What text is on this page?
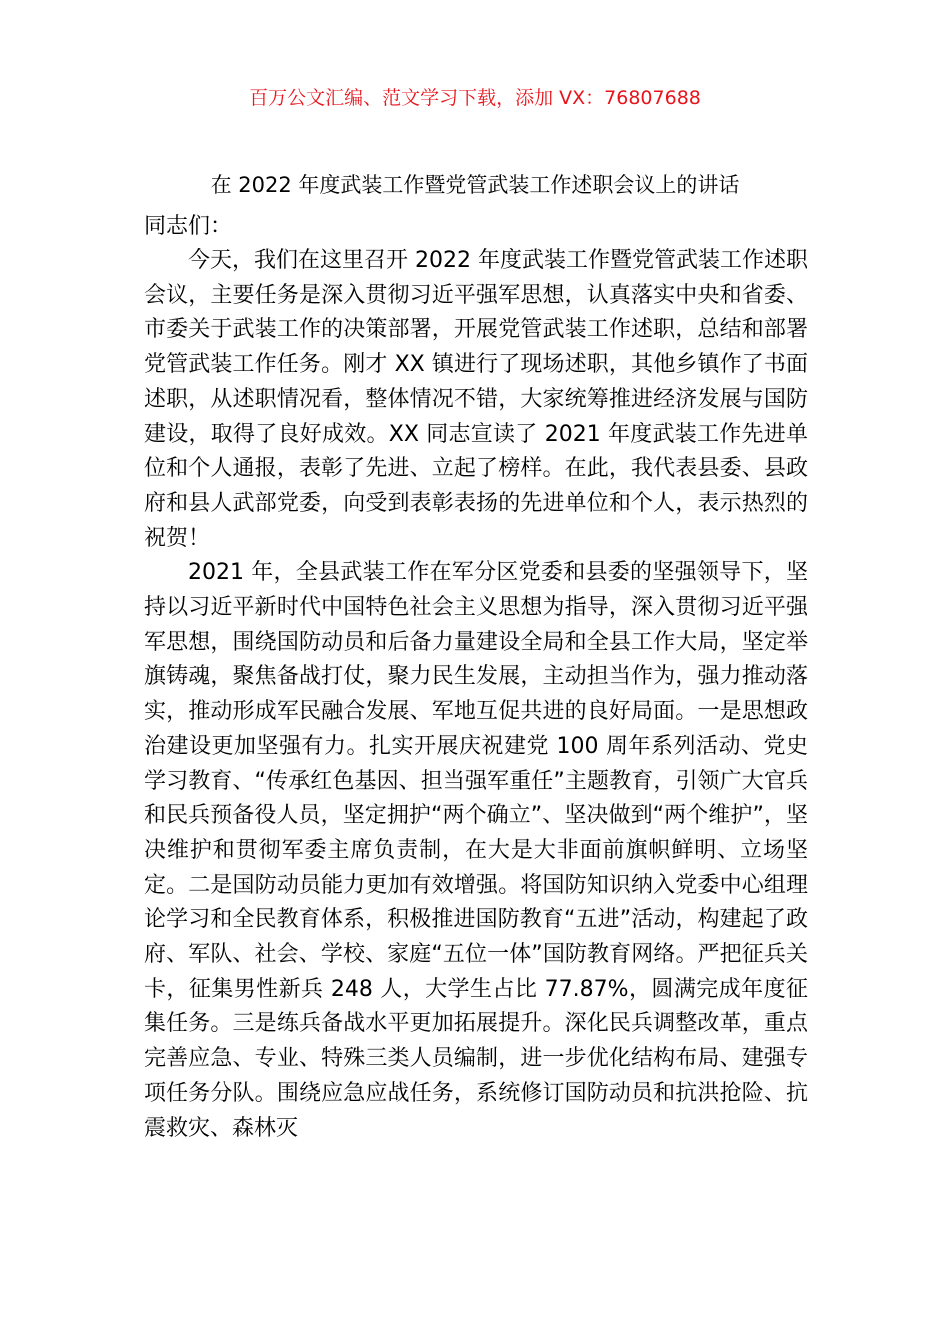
百万公文汇编、范文学习下载，添加 VX：76807688
在 2022 年度武装工作暨党管武装工作述职会议上的讲话
同志们：

今天，我们在这里召开 2022 年度武装工作暨党管武装工作述职会议，主要任务是深入贯彻习近平强军思想，认真落实中央和省委、市委关于武装工作的决策部署，开展党管武装工作述职，总结和部署党管武装工作任务。刚才 XX 镇进行了现场述职，其他乡镇作了书面述职，从述职情况看，整体情况不错，大家统筹推进经济发展与国防建设，取得了良好成效。XX 同志宣读了 2021 年度武装工作先进单位和个人通报，表彰了先进、立起了榜样。在此，我代表县委、县政府和县人武部党委，向受到表彰表扬的先进单位和个人，表示热烈的祝贺！

2021 年，全县武装工作在军分区党委和县委的坚强领导下，坚持以习近平新时代中国特色社会主义思想为指导，深入贯彻习近平强军思想，围绕国防动员和后备力量建设全局和全县工作大局，坚定举旗铸魂，聚焦备战打仗，聚力民生发展，主动担当作为，强力推动落实，推动形成军民融合发展、军地互促共进的良好局面。一是思想政治建设更加坚强有力。扎实开展庆祝建党 100 周年系列活动、党史学习教育、“传承红色基因、担当强军重任”主题教育，引领广大官兵和民兵预备役人员，坚定拥护“两个确立”、坚决做到“两个维护”，坚决维护和贯彻军委主席负责制，在大是大非面前旗帜鲜明、立场坚定。二是国防动员能力更加有效增强。将国防知识纳入党委中心组理论学习和全民教育体系，积极推进国防教育“五进”活动，构建起了政府、军队、社会、学校、家庭“五位一体”国防教育网络。严把征兵关卡，征集男性新兵 248 人，大学生占比 77.87%，圆满完成年度征集任务。三是练兵备战水平更加拓展提升。深化民兵调整改革，重点完善应急、专业、特殊三类人员编制，进一步优化结构布局、建强专项任务分队。围绕应急应战任务，系统修订国防动员和抗洪抢险、抗震救灾、森林灭
